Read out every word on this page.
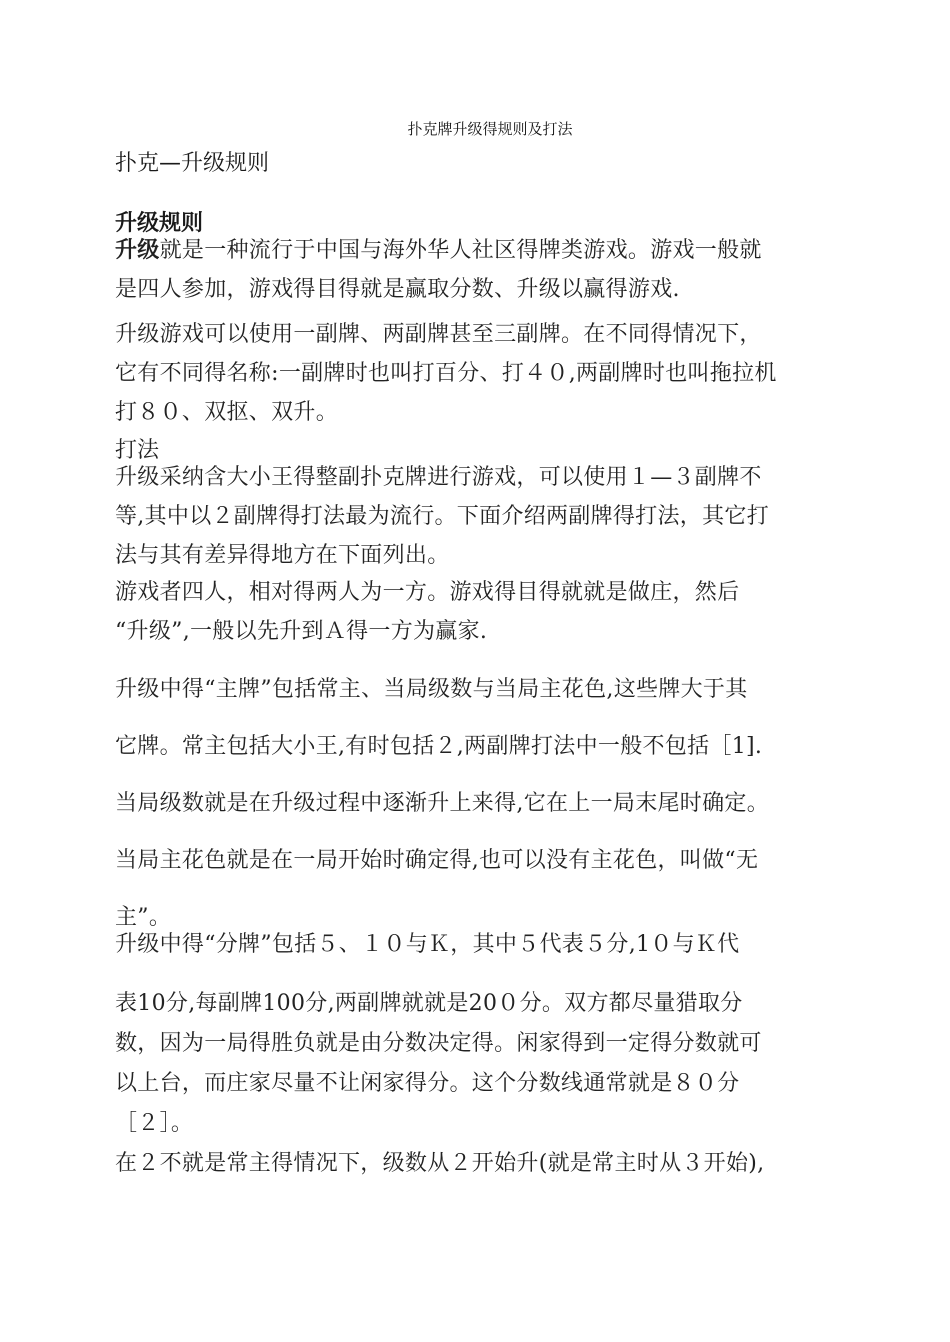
扑克牌升级得规则及打法
扑克—升级规则
升级规则
升级就是一种流行于中国与海外华人社区得牌类游戏。游戏一般就
是四人参加，游戏得目得就是赢取分数、升级以赢得游戏.
升级游戏可以使用一副牌、两副牌甚至三副牌。在不同得情况下，
它有不同得名称:一副牌时也叫打百分、打４０,两副牌时也叫拖拉机
打８０、双抠、双升。
打法
升级采纳含大小王得整副扑克牌进行游戏，可以使用１—３副牌不
等,其中以２副牌得打法最为流行。下面介绍两副牌得打法，其它打
法与其有差异得地方在下面列出。
游戏者四人，相对得两人为一方。游戏得目得就就是做庄，然后
“升级”,一般以先升到Ａ得一方为赢家.
升级中得“主牌”包括常主、当局级数与当局主花色,这些牌大于其
它牌。常主包括大小王,有时包括２,两副牌打法中一般不包括［1].
当局级数就是在升级过程中逐渐升上来得,它在上一局末尾时确定。
当局主花色就是在一局开始时确定得,也可以没有主花色，叫做“无
主”。
升级中得“分牌”包括５、１０与Ｋ，其中５代表５分,1０与Ｋ代
表10分,每副牌100分,两副牌就就是20０分。双方都尽量猎取分
数，因为一局得胜负就是由分数决定得。闲家得到一定得分数就可
以上台，而庄家尽量不让闲家得分。这个分数线通常就是８０分
［２］。
在２不就是常主得情况下，级数从２开始升(就是常主时从３开始),
